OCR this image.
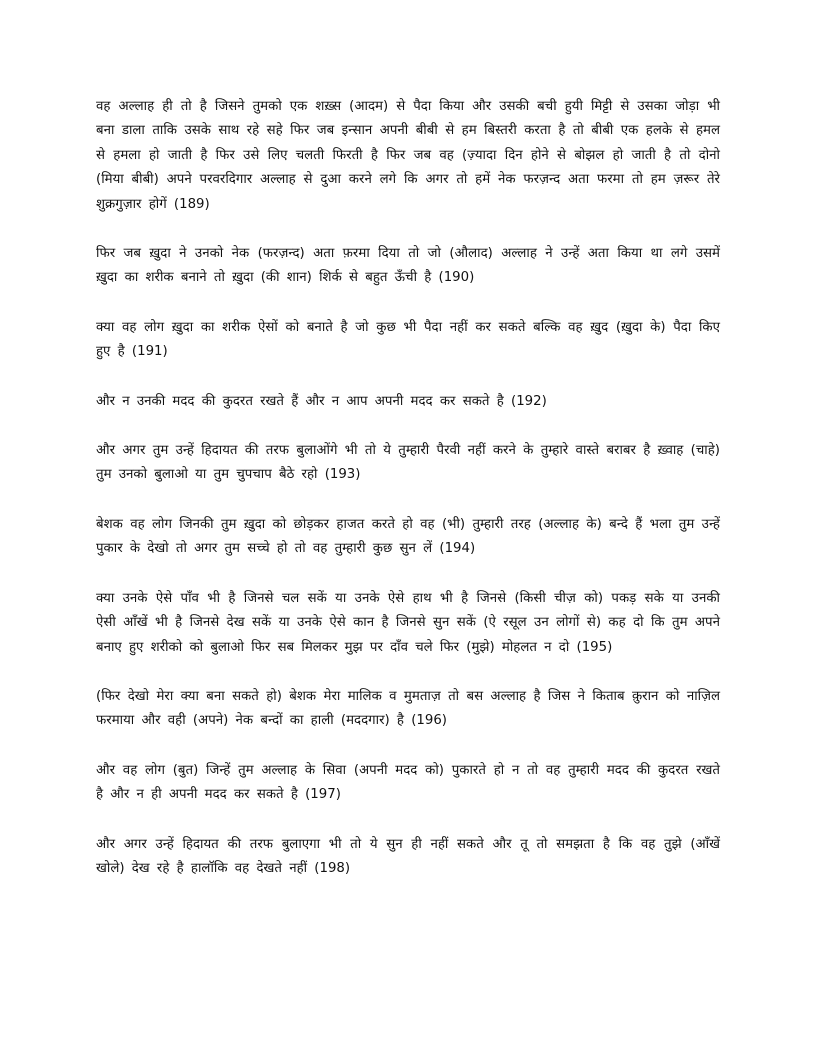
वह अल्लाह ही तो है जिसने तुमको एक शख़्स (आदम) से पैदा किया और उसकी बची हुयी मिट्टी से उसका जोड़ा भी बना डाला ताकि उसके साथ रहे सहे फिर जब इन्सान अपनी बीबी से हम बिस्तरी करता है तो बीबी एक हलके से हमल से हमला हो जाती है फिर उसे लिए चलती फिरती है फिर जब वह (ज़्यादा दिन होने से बोझल हो जाती है तो दोनो (मिया बीबी) अपने परवरदिगार अल्लाह से दुआ करने लगे कि अगर तो हमें नेक फरज़न्द अता फरमा तो हम ज़रूर तेरे शुक्रगुज़ार होगें (189)

फिर जब ख़ुदा ने उनको नेक (फरज़न्द) अता फ़रमा दिया तो जो (औलाद) अल्लाह ने उन्हें अता किया था लगे उसमें ख़ुदा का शरीक बनाने तो ख़ुदा (की शान) शिर्क से बहुत ऊँची है (190)

क्या वह लोग ख़ुदा का शरीक ऐसों को बनाते है जो कुछ भी पैदा नहीं कर सकते बल्कि वह ख़ुद (ख़ुदा के) पैदा किए हुए है (191)

और न उनकी मदद की कुदरत रखते हैं और न आप अपनी मदद कर सकते है (192)

और अगर तुम उन्हें हिदायत की तरफ बुलाओंगे भी तो ये तुम्हारी पैरवी नहीं करने के तुम्हारे वास्ते बराबर है ख़्वाह (चाहे) तुम उनको बुलाओ या तुम चुपचाप बैठे रहो (193)

बेशक वह लोग जिनकी तुम ख़ुदा को छोड़कर हाजत करते हो वह (भी) तुम्हारी तरह (अल्लाह के) बन्दे हैं भला तुम उन्हें पुकार के देखो तो अगर तुम सच्चे हो तो वह तुम्हारी कुछ सुन लें (194)

क्या उनके ऐसे पाँव भी है जिनसे चल सकें या उनके ऐसे हाथ भी है जिनसे (किसी चीज़ को) पकड़ सके या उनकी ऐसी आँखें भी है जिनसे देख सकें या उनके ऐसे कान है जिनसे सुन सकें (ऐ रसूल उन लोगों से) कह दो कि तुम अपने बनाए हुए शरीको को बुलाओ फिर सब मिलकर मुझ पर दाँव चले फिर (मुझे) मोहलत न दो (195)

(फिर देखो मेरा क्या बना सकते हो) बेशक मेरा मालिक व मुमताज़ तो बस अल्लाह है जिस ने किताब क़ुरान को नाज़िल फरमाया और वही (अपने) नेक बन्दों का हाली (मददगार) है (196)

और वह लोग (बुत) जिन्हें तुम अल्लाह के सिवा (अपनी मदद को) पुकारते हो न तो वह तुम्हारी मदद की कुदरत रखते है और न ही अपनी मदद कर सकते है (197)

और अगर उन्हें हिदायत की तरफ बुलाएगा भी तो ये सुन ही नहीं सकते और तू तो समझता है कि वह तुझे (आँखें खोले) देख रहे है हालॉकि वह देखते नहीं (198)
